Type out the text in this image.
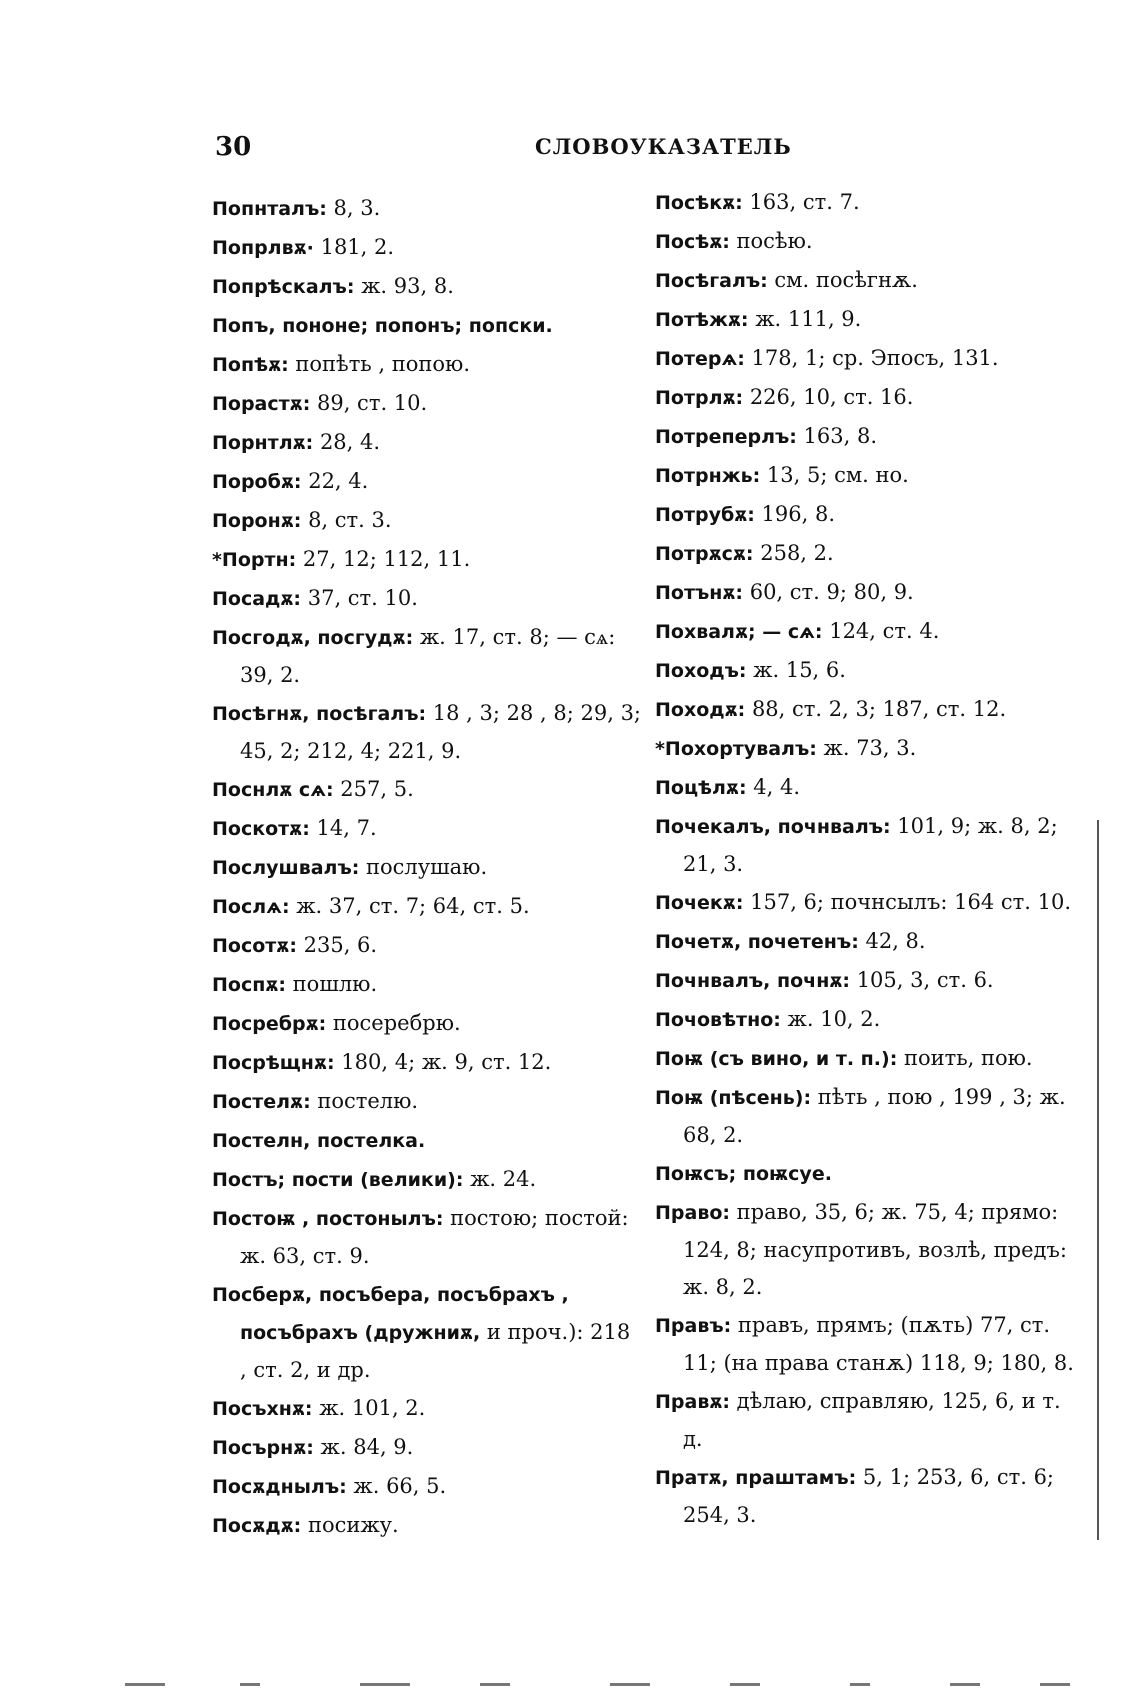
30	СЛОВОУКАЗАТЕЛЬ
Попнталъ: 8, 3.
Попрлвѫ· 181, 2.
Попрѣскалъ: ж. 93, 8.
Попъ, пононе; попонъ; попски.
Попѣѫ: попѣть , попою.
Порастѫ: 89, ст. 10.
Порнтлѫ: 28, 4.
Поробѫ: 22, 4.
Поронѫ: 8, ст. 3.
*Портн: 27, 12; 112, 11.
Посадѫ: 37, ст. 10.
Посгодѫ, посгудѫ: ж. 17, ст. 8; — сѧ: 39, 2.
Посѣгнѫ, посѣгалъ: 18 , 3; 28 , 8; 29, 3; 45, 2; 212, 4; 221, 9.
Поснлѫ сѧ: 257, 5.
Поскотѫ: 14, 7.
Послушвалъ: послушаю.
Послѧ: ж. 37, ст. 7; 64, ст. 5.
Посотѫ: 235, 6.
Поспѫ: пошлю.
Посребрѫ: посеребрю.
Посрѣщнѫ: 180, 4; ж. 9, ст. 12.
Постелѫ: постелю.
Постелн, постелка.
Постъ; пости (велики): ж. 24.
Постоѭ , постонылъ: постою; постой: ж. 63, ст. 9.
Посберѫ, посъбера, посъбрахъ , посъбрахъ (дружниѫ, и проч.): 218 , ст. 2, и др.
Посъхнѫ: ж. 101, 2.
Посърнѫ: ж. 84, 9.
Посѫднылъ: ж. 66, 5.
Посѫдѫ: посижу.
Посѣкѫ: 163, ст. 7.
Посѣѫ: посѣю.
Посѣгалъ: см. посѣгнѫ.
Потѣжѫ: ж. 111, 9.
Потерѧ: 178, 1; ср. Эпосъ, 131.
Потрлѫ: 226, 10, ст. 16.
Потреперлъ: 163, 8.
Потрнжь: 13, 5; см. но.
Потрубѫ: 196, 8.
Потрѫсѫ: 258, 2.
Потънѫ: 60, ст. 9; 80, 9.
Похвалѫ; — сѧ: 124, ст. 4.
Походъ: ж. 15, 6.
Походѫ: 88, ст. 2, 3; 187, ст. 12.
*Похортувалъ: ж. 73, 3.
Поцѣлѫ: 4, 4.
Почекалъ, почнвалъ: 101, 9; ж. 8, 2; 21, 3.
Почекѫ: 157, 6; почнсылъ: 164 ст. 10.
Почетѫ, почетенъ: 42, 8.
Почнвалъ, почнѫ: 105, 3, ст. 6.
Почовѣтно: ж. 10, 2.
Поѭ (съ вино, и т. п.): поить, пою.
Поѭ (пѣсень): пѣть , пою , 199 , 3; ж. 68, 2.
Поѭсъ; поѭсуе.
Право: право, 35, 6; ж. 75, 4; прямо: 124, 8; насупротивъ, возлѣ, предъ: ж. 8, 2.
Правъ: правъ, прямъ; (пѫть) 77, ст. 11; (на права станѫ) 118, 9; 180, 8.
Правѫ: дѣлаю, справляю, 125, 6, и т. д.
Пратѫ, праштамъ: 5, 1; 253, 6, ст. 6; 254, 3.
